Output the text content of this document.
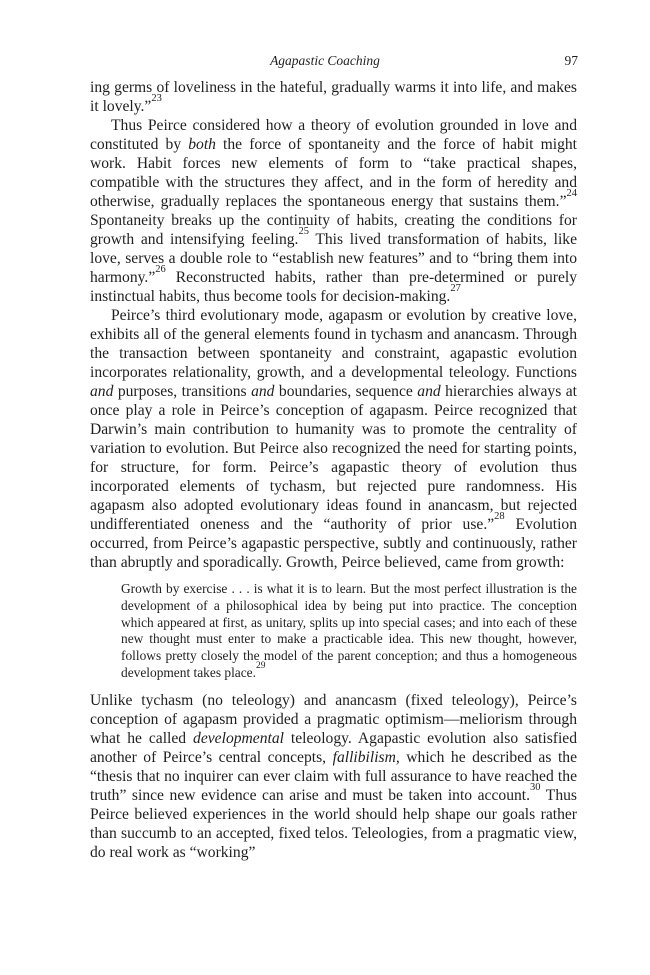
Agapastic Coaching	97

ing germs of loveliness in the hateful, gradually warms it into life, and makes it lovely.”$^{23}$

Thus Peirce considered how a theory of evolution grounded in love and constituted by both the force of spontaneity and the force of habit might work. Habit forces new elements of form to “take practical shapes, compatible with the structures they affect, and in the form of heredity and otherwise, gradually replaces the spontaneous energy that sustains them.”$^{24}$ Spontaneity breaks up the continuity of habits, creating the conditions for growth and intensifying feeling.$^{25}$ This lived transformation of habits, like love, serves a double role to “establish new features” and to “bring them into harmony.”$^{26}$ Reconstructed habits, rather than pre-determined or purely instinctual habits, thus become tools for decision-making.$^{27}$

Peirce’s third evolutionary mode, agapasm or evolution by creative love, exhibits all of the general elements found in tychasm and anancasm. Through the transaction between spontaneity and constraint, agapastic evolution incorporates relationality, growth, and a developmental teleology. Functions and purposes, transitions and boundaries, sequence and hierarchies always at once play a role in Peirce’s conception of agapasm. Peirce recognized that Darwin’s main contribution to humanity was to promote the centrality of variation to evolution. But Peirce also recognized the need for starting points, for structure, for form. Peirce’s agapastic theory of evolution thus incorporated elements of tychasm, but rejected pure randomness. His agapasm also adopted evolutionary ideas found in anancasm, but rejected undifferentiated oneness and the “authority of prior use.”$^{28}$ Evolution occurred, from Peirce’s agapastic perspective, subtly and continuously, rather than abruptly and sporadically. Growth, Peirce believed, came from growth:

Growth by exercise . . . is what it is to learn. But the most perfect illustration is the development of a philosophical idea by being put into practice. The conception which appeared at first, as unitary, splits up into special cases; and into each of these new thought must enter to make a practicable idea. This new thought, however, follows pretty closely the model of the parent conception; and thus a homogeneous development takes place.$^{29}$

Unlike tychasm (no teleology) and anancasm (fixed teleology), Peirce’s conception of agapasm provided a pragmatic optimism—meliorism through what he called developmental teleology. Agapastic evolution also satisfied another of Peirce’s central concepts, fallibilism, which he described as the “thesis that no inquirer can ever claim with full assurance to have reached the truth” since new evidence can arise and must be taken into account.$^{30}$ Thus Peirce believed experiences in the world should help shape our goals rather than succumb to an accepted, fixed telos. Teleologies, from a pragmatic view, do real work as “working”
